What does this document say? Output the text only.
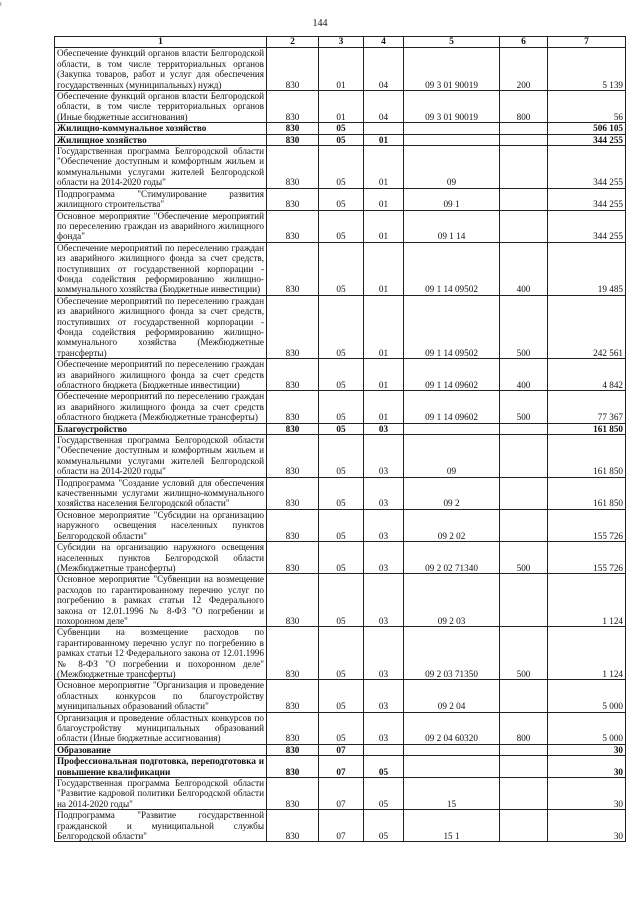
ᶦ
144
1	2	3	4	5	6	7
Обеспечение функций органов власти Белгородской области, в том числе территориальных органов (Закупка товаров, работ и услуг для обеспечения государственных (муниципальных) нужд)	830	01	04	09 3 01 90019	200	5 139
Обеспечение функций органов власти Белгородской области, в том числе территориальных органов (Иные бюджетные ассигнования)	830	01	04	09 3 01 90019	800	56
Жилищно-коммунальное хозяйство	830	05				506 105
Жилищное хозяйство	830	05	01			344 255
Государственная программа Белгородской области "Обеспечение доступным и комфортным жильем и коммунальными услугами жителей Белгородской области на 2014-2020 годы"	830	05	01	09		344 255
Подпрограмма "Стимулирование развития жилищного строительства"	830	05	01	09 1		344 255
Основное мероприятие "Обеспечение мероприятий по переселению граждан из аварийного жилищного фонда"	830	05	01	09 1 14		344 255
Обеспечение мероприятий по переселению граждан из аварийного жилищного фонда за счет средств, поступивших от государственной корпорации - Фонда содействия реформированию жилищно-коммунального хозяйства (Бюджетные инвестиции)	830	05	01	09 1 14 09502	400	19 485
Обеспечение мероприятий по переселению граждан из аварийного жилищного фонда за счет средств, поступивших от государственной корпорации - Фонда содействия реформированию жилищно-коммунального хозяйства (Межбюджетные трансферты)	830	05	01	09 1 14 09502	500	242 561
Обеспечение мероприятий по переселению граждан из аварийного жилищного фонда за счет средств областного бюджета (Бюджетные инвестиции)	830	05	01	09 1 14 09602	400	4 842
Обеспечение мероприятий по переселению граждан из аварийного жилищного фонда за счет средств областного бюджета (Межбюджетные трансферты)	830	05	01	09 1 14 09602	500	77 367
Благоустройство	830	05	03			161 850
Государственная программа Белгородской области "Обеспечение доступным и комфортным жильем и коммунальными услугами жителей Белгородской области на 2014-2020 годы"	830	05	03	09		161 850
Подпрограмма "Создание условий для обеспечения качественными услугами жилищно-коммунального хозяйства населения Белгородской области"	830	05	03	09 2		161 850
Основное мероприятие "Субсидии на организацию наружного освещения населенных пунктов Белгородской области"	830	05	03	09 2 02		155 726
Субсидии на организацию наружного освещения населенных пунктов Белгородской области (Межбюджетные трансферты)	830	05	03	09 2 02 71340	500	155 726
Основное мероприятие "Субвенции на возмещение расходов по гарантированному перечню услуг по погребению в рамках статьи 12 Федерального закона от 12.01.1996 № 8-ФЗ "О погребении и похоронном деле"	830	05	03	09 2 03		1 124
Субвенции на возмещение расходов по гарантированному перечню услуг по погребению в рамках статьи 12 Федерального закона от 12.01.1996 № 8-ФЗ "О погребении и похоронном деле" (Межбюджетные трансферты)	830	05	03	09 2 03 71350	500	1 124
Основное мероприятие "Организация и проведение областных конкурсов по благоустройству муниципальных образований области"	830	05	03	09 2 04		5 000
Организация и проведение областных конкурсов по благоустройству муниципальных образований области (Иные бюджетные ассигнования)	830	05	03	09 2 04 60320	800	5 000
Образование	830	07				30
Профессиональная подготовка, переподготовка и повышение квалификации	830	07	05			30
Государственная программа Белгородской области "Развитие кадровой политики Белгородской области на 2014-2020 годы"	830	07	05	15		30
Подпрограмма "Развитие государственной гражданской и муниципальной службы Белгородской области"	830	07	05	15 1		30
